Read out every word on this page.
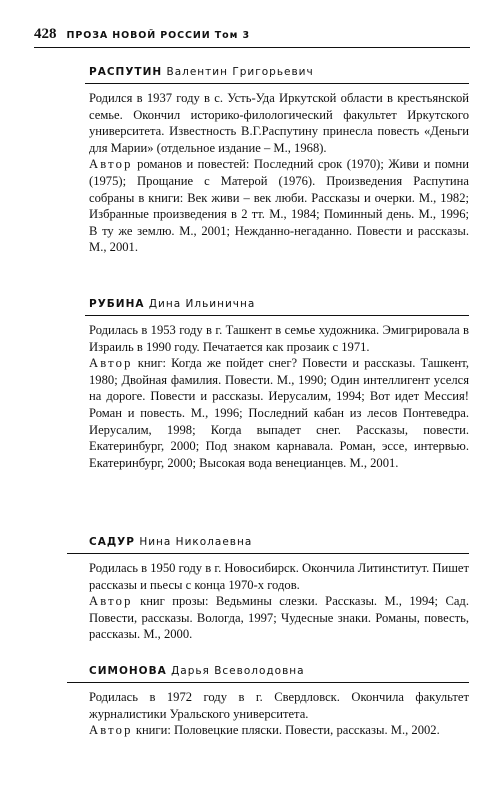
428 ПРОЗА НОВОЙ РОССИИ Том 3
РАСПУТИН Валентин Григорьевич

Родился в 1937 году в с. Усть-Уда Иркутской области в крестьянской семье. Окончил историко-филологический факультет Иркутского университета. Известность В.Г.Распутину принесла повесть «Деньги для Марии» (отдельное издание – М., 1968).

Автор романов и повестей: Последний срок (1970); Живи и помни (1975); Прощание с Матерой (1976). Произведения Распутина собраны в книги: Век живи – век люби. Рассказы и очерки. М., 1982; Избранные произведения в 2 тт. М., 1984; Поминный день. М., 1996; В ту же землю. М., 2001; Нежданно-негаданно. Повести и рассказы. М., 2001.

РУБИНА Дина Ильинична

Родилась в 1953 году в г. Ташкент в семье художника. Эмигрировала в Израиль в 1990 году. Печатается как прозаик с 1971.

Автор книг: Когда же пойдет снег? Повести и рассказы. Ташкент, 1980; Двойная фамилия. Повести. М., 1990; Один интеллигент уселся на дороге. Повести и рассказы. Иерусалим, 1994; Вот идет Мессия! Роман и повесть. М., 1996; Последний кабан из лесов Понтеведра. Иерусалим, 1998; Когда выпадет снег. Рассказы, повести. Екатеринбург, 2000; Под знаком карнавала. Роман, эссе, интервью. Екатеринбург, 2000; Высокая вода венецианцев. М., 2001.

САДУР Нина Николаевна

Родилась в 1950 году в г. Новосибирск. Окончила Литинститут. Пишет рассказы и пьесы с конца 1970-х годов.

Автор книг прозы: Ведьмины слезки. Рассказы. М., 1994; Сад. Повести, рассказы. Вологда, 1997; Чудесные знаки. Романы, повесть, рассказы. М., 2000.

СИМОНОВА Дарья Всеволодовна

Родилась в 1972 году в г. Свердловск. Окончила факультет журналистики Уральского университета.

Автор книги: Половецкие пляски. Повести, рассказы. М., 2002.
